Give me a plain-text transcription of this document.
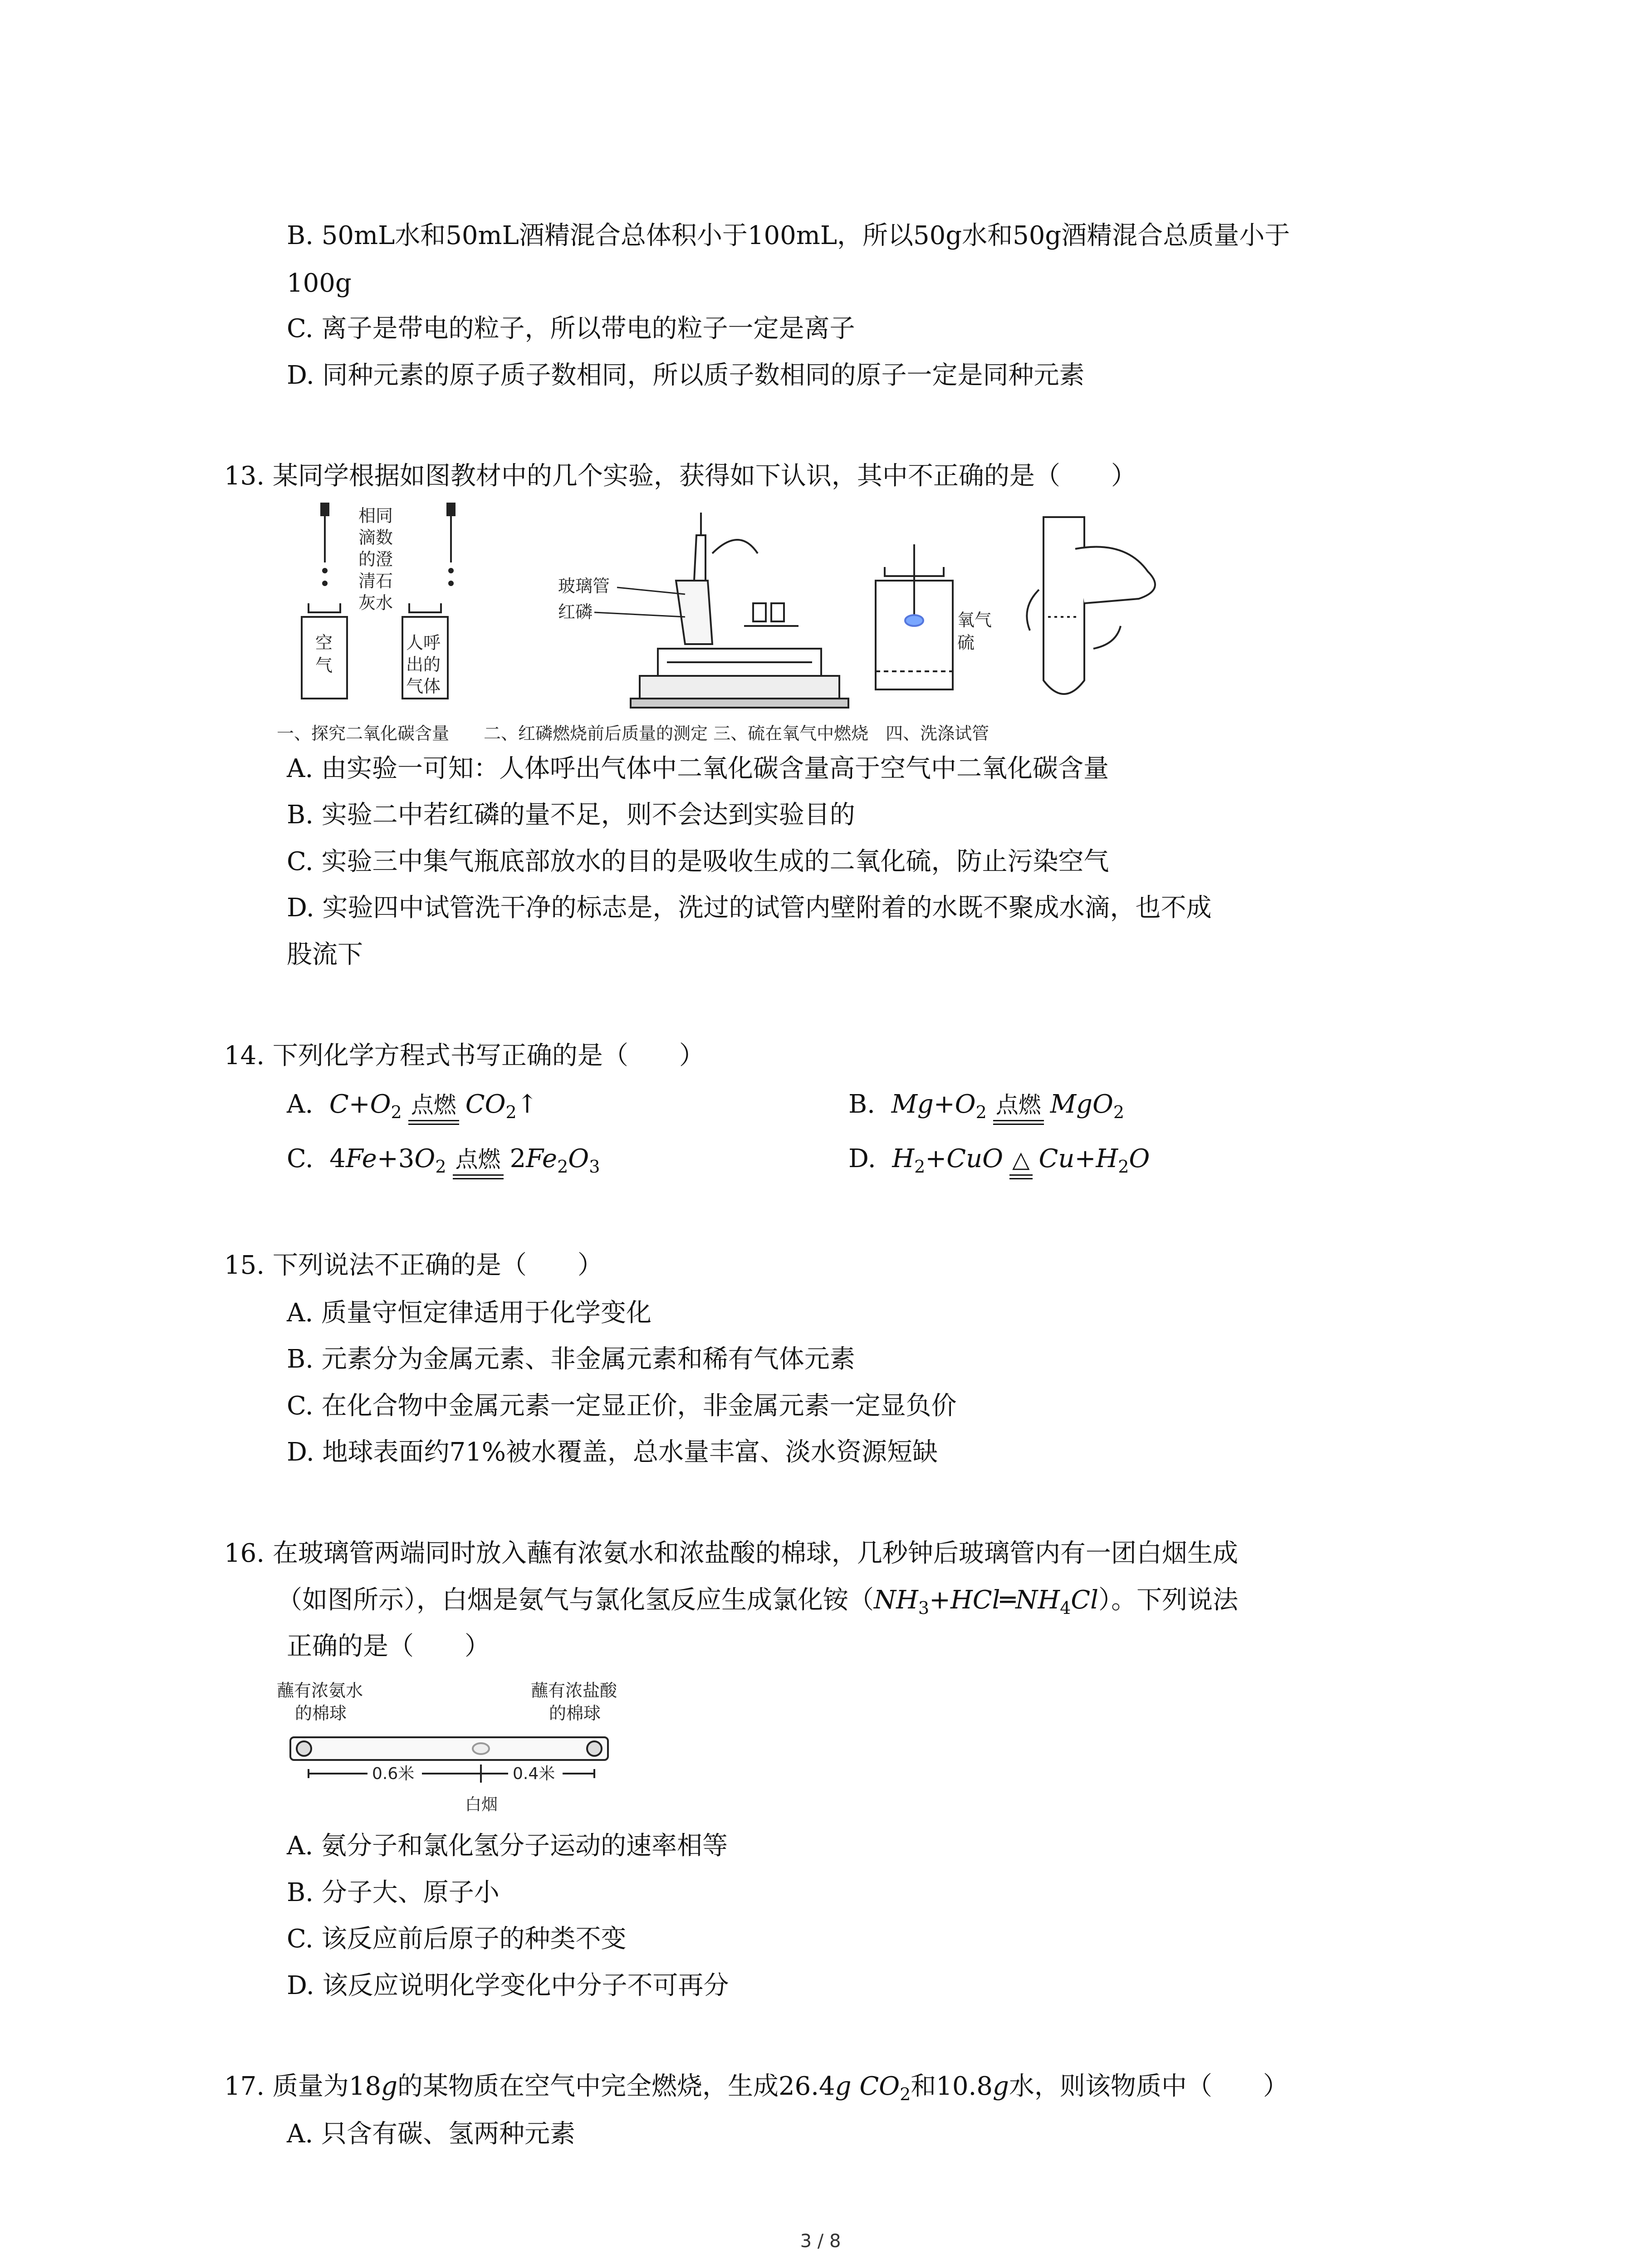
B. 50mL水和50mL酒精混合总体积小于100mL，所以50g水和50g酒精混合总质量小于
100g
C. 离子是带电的粒子，所以带电的粒子一定是离子
D. 同种元素的原子质子数相同，所以质子数相同的原子一定是同种元素
13. 某同学根据如图教材中的几个实验，获得如下认识，其中不正确的是（　　）
相同
滴数
的澄
清石
灰水
空
气
人呼
出的
气体
玻璃管
红磷	氧气
硫
一、探究二氧化碳含量　　二、红磷燃烧前后质量的测定 三、硫在氧气中燃烧　四、洗涤试管
A. 由实验一可知：人体呼出气体中二氧化碳含量高于空气中二氧化碳含量
B. 实验二中若红磷的量不足，则不会达到实验目的
C. 实验三中集气瓶底部放水的目的是吸收生成的二氧化硫，防止污染空气
D. 实验四中试管洗干净的标志是，洗过的试管内壁附着的水既不聚成水滴，也不成
股流下
14. 下列化学方程式书写正确的是（　　）
A.  $C+O_2$ 点燃 $CO_2↑$	B.  $Mg+O_2$ 点燃 MgO$_2$
C.  $4Fe+3O_2$ 点燃 $2Fe_2O_3$	D.  $H_2+CuO$ △ $Cu+H_2O$
15. 下列说法不正确的是（　　）
A. 质量守恒定律适用于化学变化
B. 元素分为金属元素、非金属元素和稀有气体元素
C. 在化合物中金属元素一定显正价，非金属元素一定显负价
D. 地球表面约71%被水覆盖，总水量丰富、淡水资源短缺
16. 在玻璃管两端同时放入蘸有浓氨水和浓盐酸的棉球，几秒钟后玻璃管内有一团白烟生成
（如图所示），白烟是氨气与氯化氢反应生成氯化铵$(NH_3+HCl═NH_4Cl)$。下列说法
正确的是（　　）
蘸有浓氨水
的棉球
蘸有浓盐酸
的棉球
0.6米	0.4米
白烟
A. 氨分子和氯化氢分子运动的速率相等
B. 分子大、原子小
C. 该反应前后原子的种类不变
D. 该反应说明化学变化中分子不可再分
17. 质量为18g的某物质在空气中完全燃烧，生成26.4g $CO_2$和10.8g水，则该物质中（　　）
A. 只含有碳、氢两种元素
3 / 8
